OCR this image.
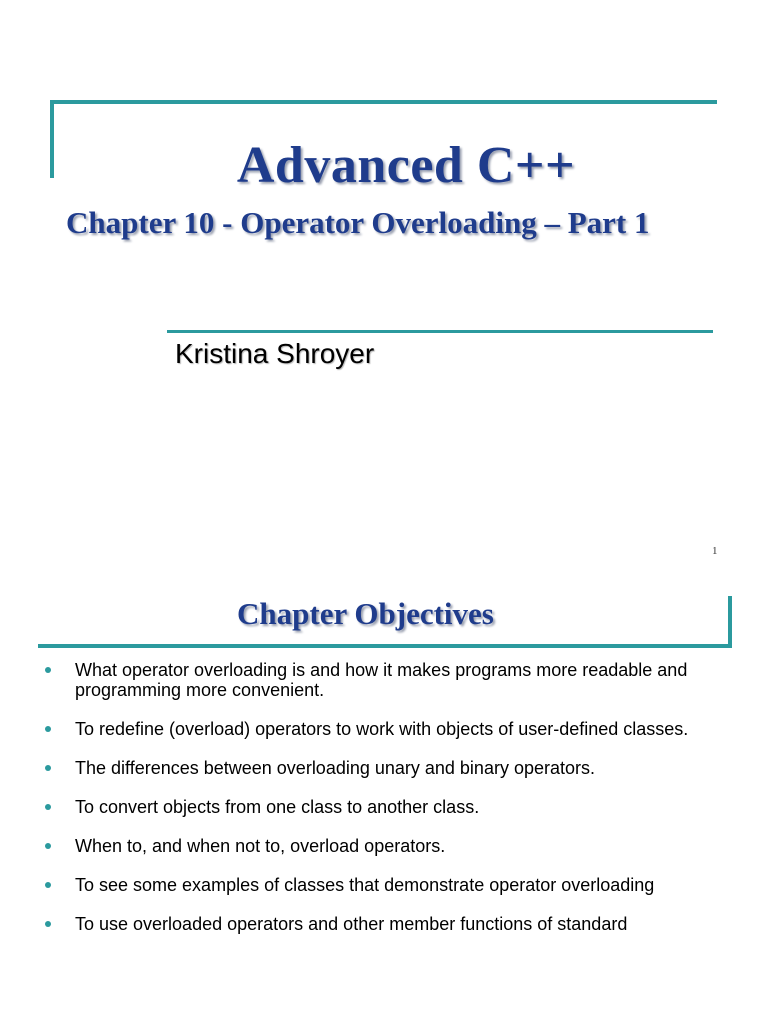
Advanced C++
Chapter 10 - Operator Overloading – Part 1
Kristina Shroyer
1
Chapter Objectives
What operator overloading is and how it makes programs more readable and programming more convenient.
To redefine (overload) operators to work with objects of user-defined classes.
The differences between overloading unary and binary operators.
To convert objects from one class to another class.
When to, and when not to, overload operators.
To see some examples of classes that demonstrate operator overloading
To use overloaded operators and other member functions of standard
